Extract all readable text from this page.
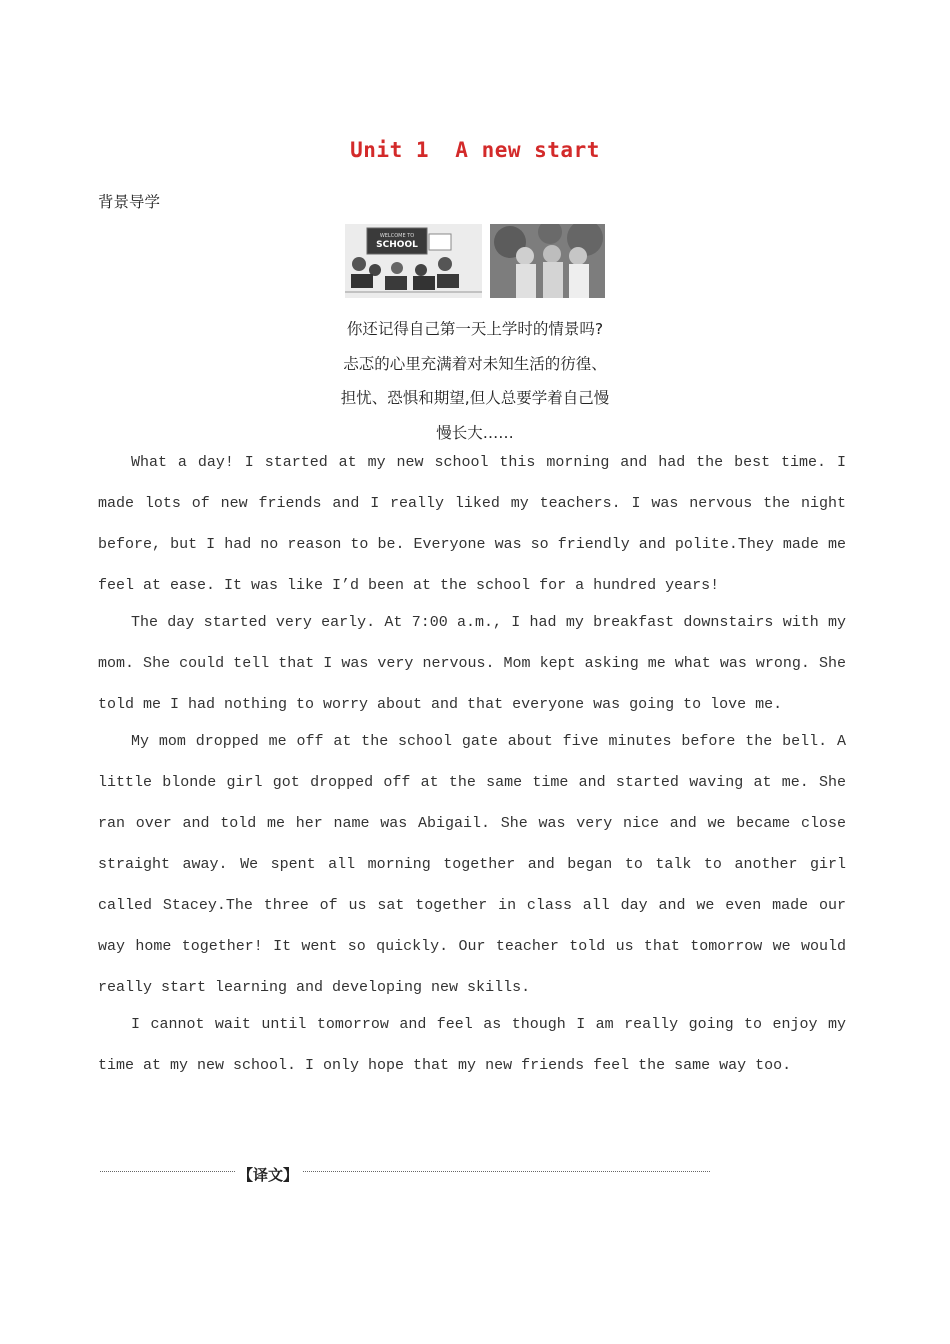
Unit 1  A new start
背景导学
WELCOME TO
SCHOOL
你还记得自己第一天上学时的情景吗?
忐忑的心里充满着对未知生活的彷徨、
担忧、恐惧和期望,但人总要学着自己慢
慢长大……

What a day! I started at my new school this morning and had the best time. I made lots of new friends and I really liked my teachers. I was nervous the night before, but I had no reason to be. Everyone was so friendly and polite.They made me feel at ease. It was like I’d been at the school for a hundred years!

The day started very early. At 7:00 a.m., I had my breakfast downstairs with my mom. She could tell that I was very nervous. Mom kept asking me what was wrong. She told me I had nothing to worry about and that everyone was going to love me.

My mom dropped me off at the school gate about five minutes before the bell. A little blonde girl got dropped off at the same time and started waving at me. She ran over and told me her name was Abigail. She was very nice and we became close straight away. We spent all morning together and began to talk to another girl called Stacey.The three of us sat together in class all day and we even made our way home together! It went so quickly. Our teacher told us that tomorrow we would really start learning and developing new skills.

I cannot wait until tomorrow and feel as though I am really going to enjoy my time at my new school. I only hope that my new friends feel the same way too.

【译文】
